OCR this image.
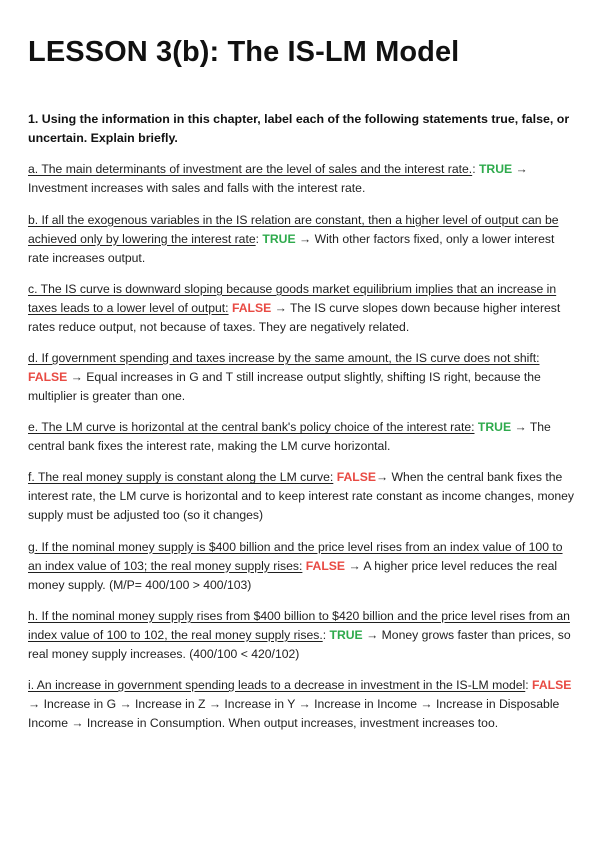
LESSON 3(b): The IS-LM Model

1. Using the information in this chapter, label each of the following statements true, false, or uncertain. Explain briefly.

a. The main determinants of investment are the level of sales and the interest rate.: TRUE → Investment increases with sales and falls with the interest rate.

b. If all the exogenous variables in the IS relation are constant, then a higher level of output can be achieved only by lowering the interest rate: TRUE → With other factors fixed, only a lower interest rate increases output.

c. The IS curve is downward sloping because goods market equilibrium implies that an increase in taxes leads to a lower level of output: FALSE → The IS curve slopes down because higher interest rates reduce output, not because of taxes. They are negatively related.

d. If government spending and taxes increase by the same amount, the IS curve does not shift: FALSE → Equal increases in G and T still increase output slightly, shifting IS right, because the multiplier is greater than one.

e. The LM curve is horizontal at the central bank's policy choice of the interest rate: TRUE → The central bank fixes the interest rate, making the LM curve horizontal.

f. The real money supply is constant along the LM curve: FALSE→ When the central bank fixes the interest rate, the LM curve is horizontal and to keep interest rate constant as income changes, money supply must be adjusted too (so it changes)

g. If the nominal money supply is $400 billion and the price level rises from an index value of 100 to an index value of 103; the real money supply rises: FALSE → A higher price level reduces the real money supply. (M/P= 400/100 > 400/103)

h. If the nominal money supply rises from $400 billion to $420 billion and the price level rises from an index value of 100 to 102, the real money supply rises.: TRUE → Money grows faster than prices, so real money supply increases. (400/100 < 420/102)

i. An increase in government spending leads to a decrease in investment in the IS-LM model: FALSE → Increase in G → Increase in Z → Increase in Y → Increase in Income → Increase in Disposable Income → Increase in Consumption. When output increases, investment increases too.
